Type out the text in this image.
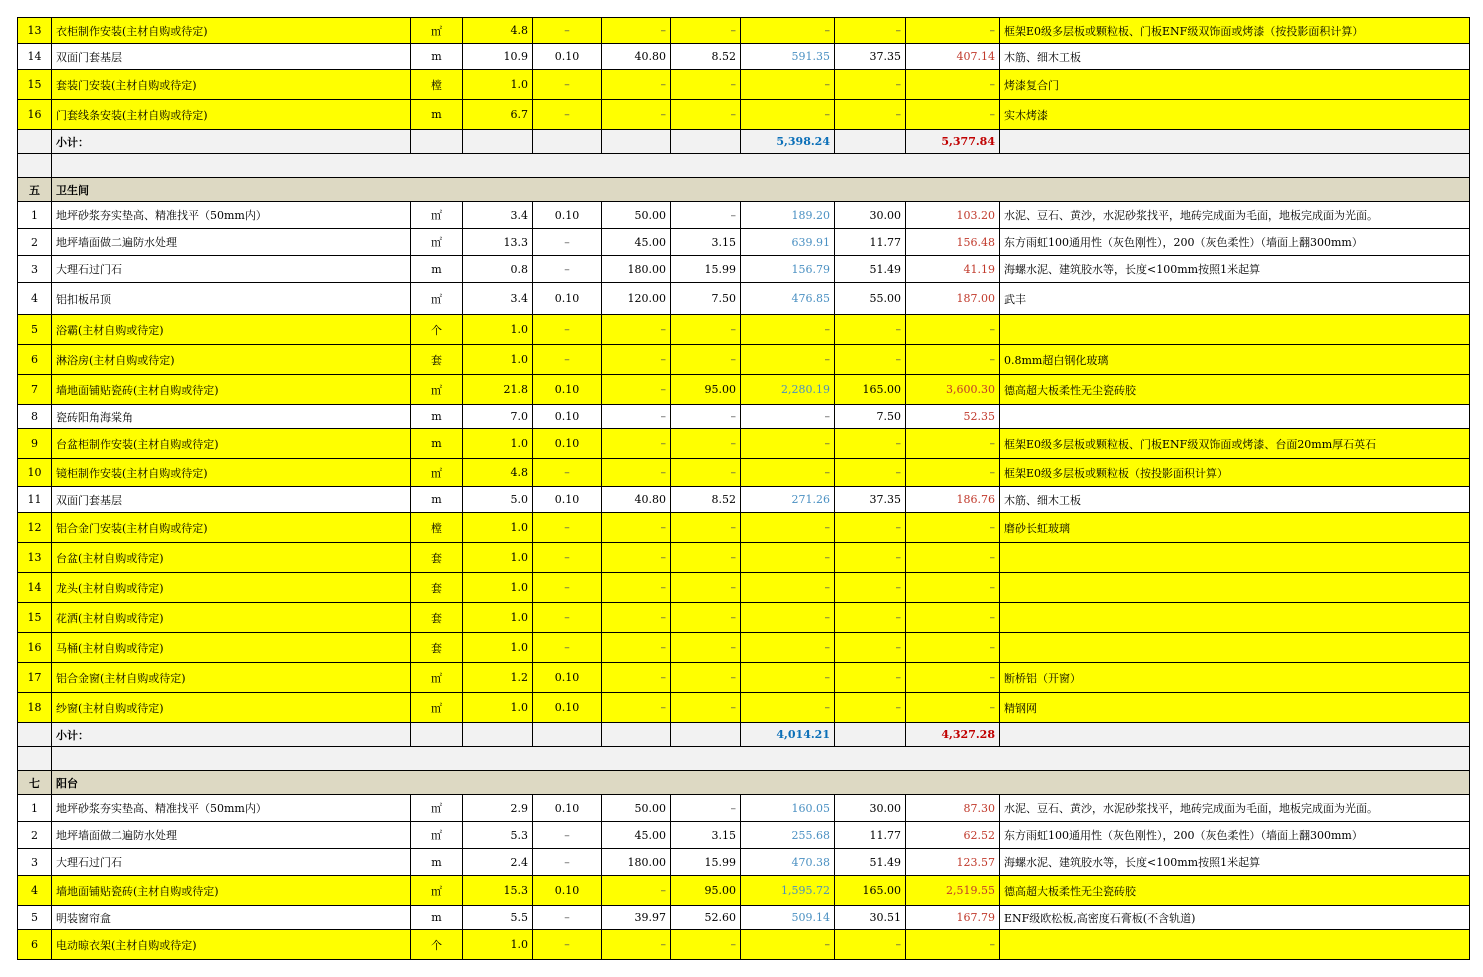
13	衣柜制作安装(主材自购或待定)	㎡	4.8	–	–	–	–	–	–	框架E0级多层板或颗粒板、门板ENF级双饰面或烤漆（按投影面积计算）
14	双面门套基层	m	10.9	0.10	40.80	8.52	591.35	37.35	407.14	木筋、细木工板
15	套装门安装(主材自购或待定)	樘	1.0	–	–	–	–	–	–	烤漆复合门
16	门套线条安装(主材自购或待定)	m	6.7	–	–	–	–	–	–	实木烤漆
	小计：						5,398.24		5,377.84	

五	卫生间									
1	地坪砂浆夯实垫高、精准找平（50mm内）	㎡	3.4	0.10	50.00	–	189.20	30.00	103.20	水泥、豆石、黄沙，水泥砂浆找平，地砖完成面为毛面，地板完成面为光面。
2	地坪墙面做二遍防水处理	㎡	13.3	–	45.00	3.15	639.91	11.77	156.48	东方雨虹100通用性（灰色刚性），200（灰色柔性）（墙面上翻300mm）
3	大理石过门石	m	0.8	–	180.00	15.99	156.79	51.49	41.19	海螺水泥、建筑胶水等，长度<100mm按照1米起算
4	铝扣板吊顶	㎡	3.4	0.10	120.00	7.50	476.85	55.00	187.00	武丰
5	浴霸(主材自购或待定)	个	1.0	–	–	–	–	–	–	
6	淋浴房(主材自购或待定)	套	1.0	–	–	–	–	–	–	0.8mm超白钢化玻璃
7	墙地面铺贴瓷砖(主材自购或待定)	㎡	21.8	0.10	–	95.00	2,280.19	165.00	3,600.30	德高超大板柔性无尘瓷砖胶
8	瓷砖阳角海棠角	m	7.0	0.10	–	–	–	7.50	52.35	
9	台盆柜制作安装(主材自购或待定)	m	1.0	0.10	–	–	–	–	–	框架E0级多层板或颗粒板、门板ENF级双饰面或烤漆、台面20mm厚石英石
10	镜柜制作安装(主材自购或待定)	㎡	4.8	–	–	–	–	–	–	框架E0级多层板或颗粒板（按投影面积计算）
11	双面门套基层	m	5.0	0.10	40.80	8.52	271.26	37.35	186.76	木筋、细木工板
12	铝合金门安装(主材自购或待定)	樘	1.0	–	–	–	–	–	–	磨砂长虹玻璃
13	台盆(主材自购或待定)	套	1.0	–	–	–	–	–	–	
14	龙头(主材自购或待定)	套	1.0	–	–	–	–	–	–	
15	花洒(主材自购或待定)	套	1.0	–	–	–	–	–	–	
16	马桶(主材自购或待定)	套	1.0	–	–	–	–	–	–	
17	铝合金窗(主材自购或待定)	㎡	1.2	0.10	–	–	–	–	–	断桥铝（开窗）
18	纱窗(主材自购或待定)	㎡	1.0	0.10	–	–	–	–	–	精钢网
	小计：						4,014.21		4,327.28	

七	阳台									
1	地坪砂浆夯实垫高、精准找平（50mm内）	㎡	2.9	0.10	50.00	–	160.05	30.00	87.30	水泥、豆石、黄沙，水泥砂浆找平，地砖完成面为毛面，地板完成面为光面。
2	地坪墙面做二遍防水处理	㎡	5.3	–	45.00	3.15	255.68	11.77	62.52	东方雨虹100通用性（灰色刚性），200（灰色柔性）（墙面上翻300mm）
3	大理石过门石	m	2.4	–	180.00	15.99	470.38	51.49	123.57	海螺水泥、建筑胶水等，长度<100mm按照1米起算
4	墙地面铺贴瓷砖(主材自购或待定)	㎡	15.3	0.10	–	95.00	1,595.72	165.00	2,519.55	德高超大板柔性无尘瓷砖胶
5	明装窗帘盒	m	5.5	–	39.97	52.60	509.14	30.51	167.79	ENF级欧松板,高密度石膏板(不含轨道)
6	电动晾衣架(主材自购或待定)	个	1.0	–	–	–	–	–	–	
